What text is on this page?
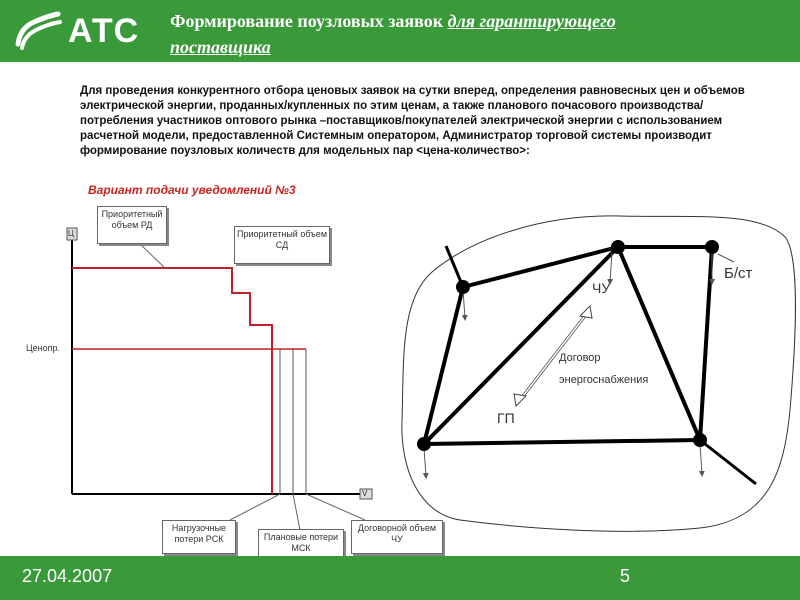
АТС Формирование поузловых заявок для гарантирующего
поставщика
Для проведения конкурентного отбора ценовых заявок на сутки вперед, определения равновесных цен и объемов электрической энергии, проданных/купленных по этим ценам, а также планового почасового производства/потребления участников оптового рынка –поставщиков/покупателей электрической энергии с использованием расчетной модели, предоставленной Системным оператором, Администратор торговой системы производит формирование поузловых количеств для модельных пар <цена-количество>:
Вариант подачи уведомлений №3
Ц
V
Ценопр.
Приоритетный объем РД
Приоритетный объем СД
Нагрузочные потери РСК	Плановые потери МСК
Договорной объем ЧУ
ЧУ
Б/ст
ГП
Договор
энергоснабжения
27.04.2007	5
